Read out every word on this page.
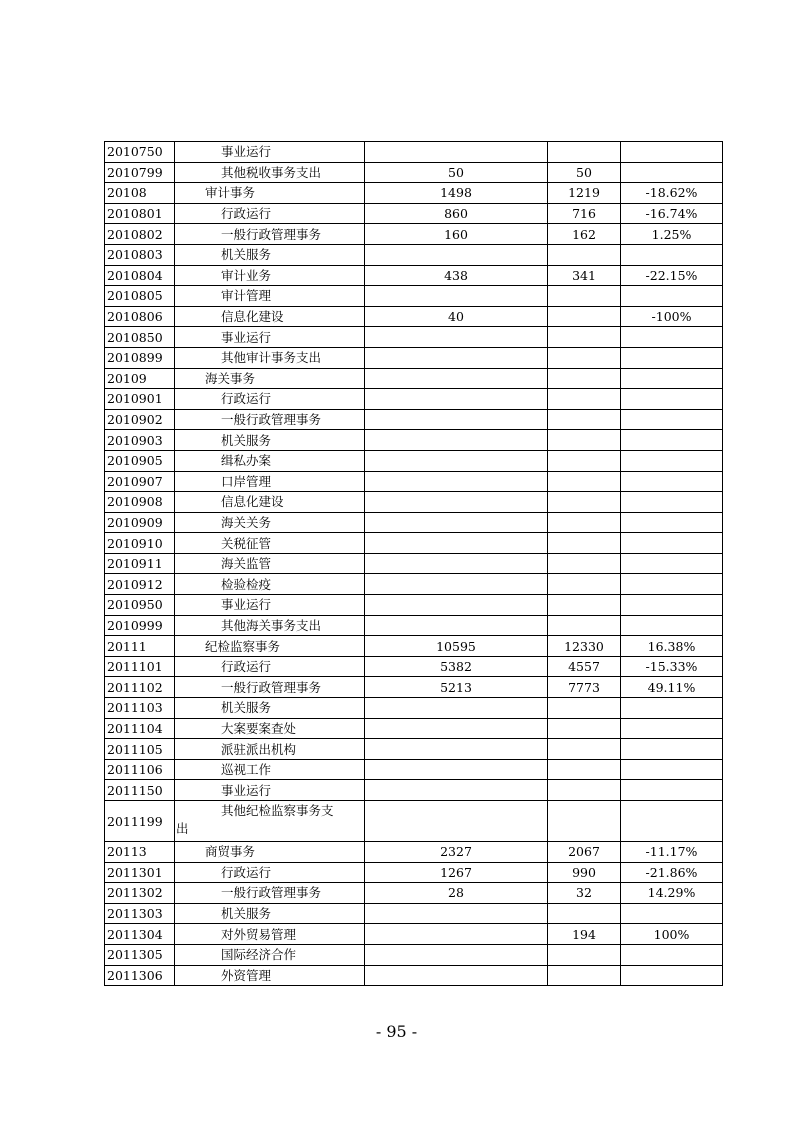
2010750	事业运行			
2010799	其他税收事务支出	50	50	
20108	审计事务	1498	1219	-18.62%
2010801	行政运行	860	716	-16.74%
2010802	一般行政管理事务	160	162	1.25%
2010803	机关服务			
2010804	审计业务	438	341	-22.15%
2010805	审计管理			
2010806	信息化建设	40		-100%
2010850	事业运行			
2010899	其他审计事务支出			
20109	海关事务			
2010901	行政运行			
2010902	一般行政管理事务			
2010903	机关服务			
2010905	缉私办案			
2010907	口岸管理			
2010908	信息化建设			
2010909	海关关务			
2010910	关税征管			
2010911	海关监管			
2010912	检验检疫			
2010950	事业运行			
2010999	其他海关事务支出			
20111	纪检监察事务	10595	12330	16.38%
2011101	行政运行	5382	4557	-15.33%
2011102	一般行政管理事务	5213	7773	49.11%
2011103	机关服务			
2011104	大案要案查处			
2011105	派驻派出机构			
2011106	巡视工作			
2011150	事业运行			
2011199	其他纪检监察事务支
出			

20113	商贸事务	2327	2067	-11.17%
2011301	行政运行	1267	990	-21.86%
2011302	一般行政管理事务	28	32	14.29%
2011303	机关服务			
2011304	对外贸易管理		194	100%
2011305	国际经济合作			
2011306	外资管理			
- 95 -
